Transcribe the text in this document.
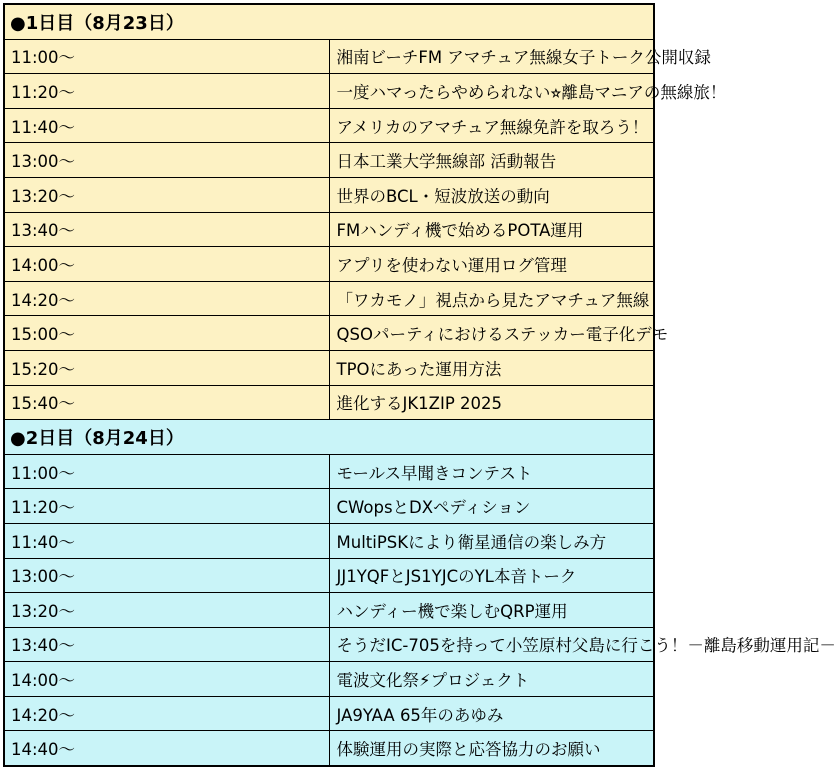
●1日目（8月23日）	
11:00〜	湘南ビーチFM アマチュア無線女子トーク公開収録
11:20〜	一度ハマったらやめられない⭐︎離島マニアの無線旅！
11:40〜	アメリカのアマチュア無線免許を取ろう！
13:00〜	日本工業大学無線部 活動報告
13:20〜	世界のBCL・短波放送の動向
13:40〜	FMハンディ機で始めるPOTA運用
14:00〜	アプリを使わない運用ログ管理
14:20〜	「ワカモノ」視点から見たアマチュア無線
15:00〜	QSOパーティにおけるステッカー電子化デモ
15:20〜	TPOにあった運用方法
15:40〜	進化するJK1ZIP 2025
●2日目（8月24日）	
11:00〜	モールス早聞きコンテスト
11:20〜	CWopsとDXペディション
11:40〜	MultiPSKにより衛星通信の楽しみ方
13:00〜	JJ1YQFとJS1YJCのYL本音トーク
13:20〜	ハンディー機で楽しむQRP運用
13:40〜	そうだIC-705を持って小笠原村父島に行こう！－離島移動運用記－
14:00〜	電波文化祭⚡︎プロジェクト
14:20〜	JA9YAA 65年のあゆみ
14:40〜	体験運用の実際と応答協力のお願い
